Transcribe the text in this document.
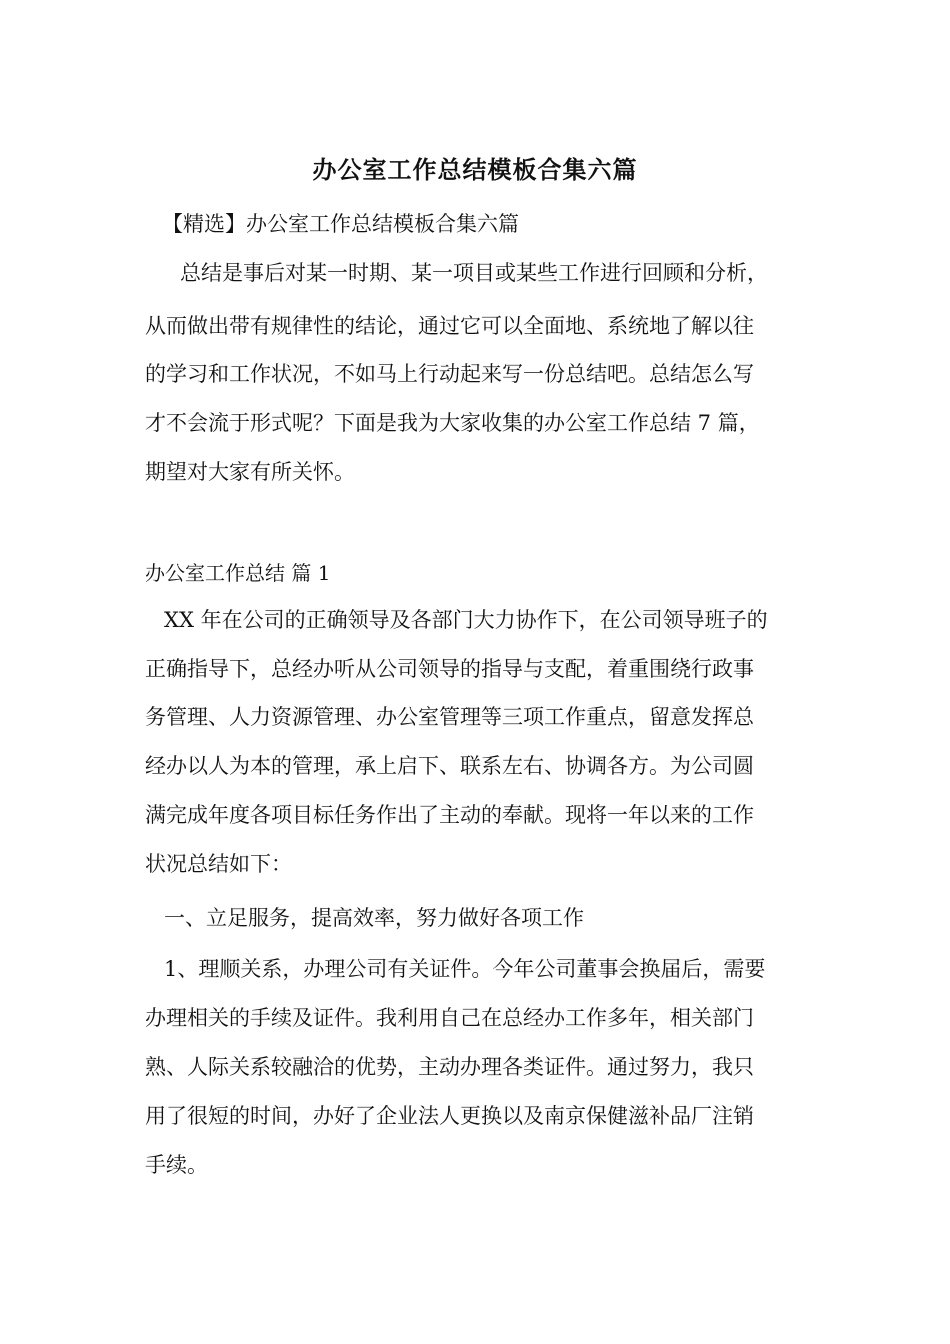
办公室工作总结模板合集六篇

【精选】办公室工作总结模板合集六篇

总结是事后对某一时期、某一项目或某些工作进行回顾和分析，

从而做出带有规律性的结论，通过它可以全面地、系统地了解以往

的学习和工作状况，不如马上行动起来写一份总结吧。总结怎么写

才不会流于形式呢？下面是我为大家收集的办公室工作总结 7 篇，

期望对大家有所关怀。

办公室工作总结 篇 1

XX 年在公司的正确领导及各部门大力协作下，在公司领导班子的

正确指导下，总经办听从公司领导的指导与支配，着重围绕行政事

务管理、人力资源管理、办公室管理等三项工作重点，留意发挥总

经办以人为本的管理，承上启下、联系左右、协调各方。为公司圆

满完成年度各项目标任务作出了主动的奉献。现将一年以来的工作

状况总结如下：

一、立足服务，提高效率，努力做好各项工作

1、理顺关系，办理公司有关证件。今年公司董事会换届后，需要

办理相关的手续及证件。我利用自己在总经办工作多年，相关部门

熟、人际关系较融洽的优势，主动办理各类证件。通过努力，我只

用了很短的时间，办好了企业法人更换以及南京保健滋补品厂注销

手续。
